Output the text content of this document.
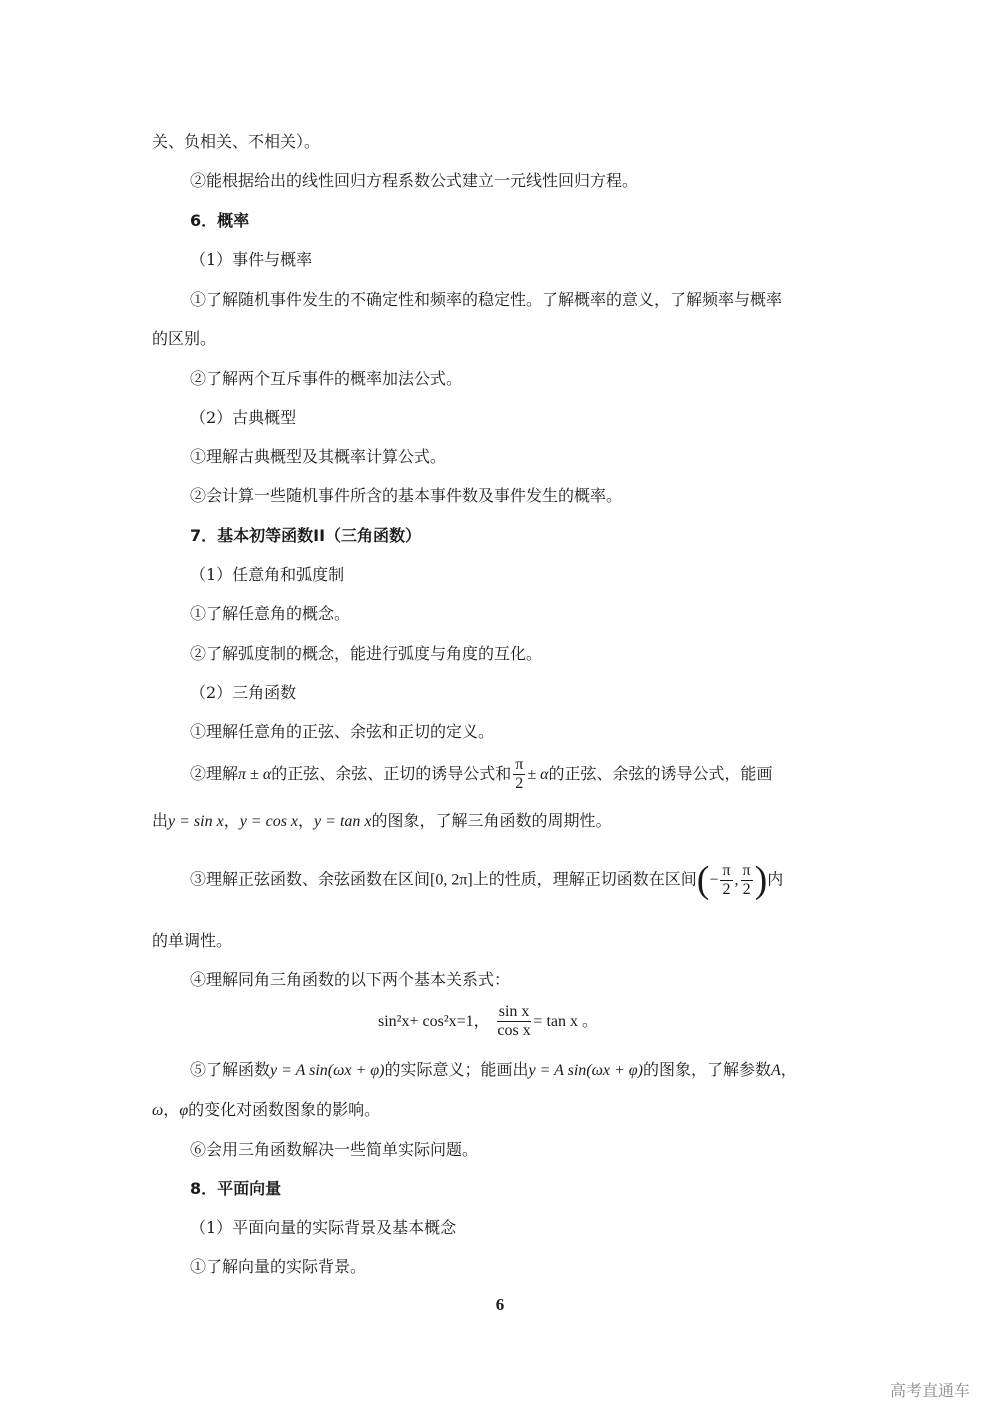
关、负相关、不相关）。
②能根据给出的线性回归方程系数公式建立一元线性回归方程。
6．概率
（1）事件与概率
①了解随机事件发生的不确定性和频率的稳定性。了解概率的意义，了解频率与概率
的区别。
②了解两个互斥事件的概率加法公式。
（2）古典概型
①理解古典概型及其概率计算公式。
②会计算一些随机事件所含的基本事件数及事件发生的概率。
7．基本初等函数II（三角函数）
（1）任意角和弧度制
①了解任意角的概念。
②了解弧度制的概念，能进行弧度与角度的互化。
（2）三角函数
①理解任意角的正弦、余弦和正切的定义。
②理解π ± α的正弦、余弦、正切的诱导公式和 $\frac{\pi}{2} \pm \alpha$的正弦、余弦的诱导公式，能画
出y = sin x，y = cos x，y = tan x的图象，了解三角函数的周期性。
③理解正弦函数、余弦函数在区间[0, 2π]上的性质，理解正切函数在区间(− $\frac{\pi}{2}$ , $\frac{\pi}{2}$ )内
的单调性。
④理解同角三角函数的以下两个基本关系式：
sin²x+ cos²x=1， $\frac{\text{sin x}}{\text{cos x}} = \tan x$ 。
⑤了解函数y = A sin(ωx + φ)的实际意义；能画出y = A sin(ωx + φ)的图象，了解参数A，
ω，φ的变化对函数图象的影响。
⑥会用三角函数解决一些简单实际问题。
8．平面向量
（1）平面向量的实际背景及基本概念
①了解向量的实际背景。
6
高考直通车
